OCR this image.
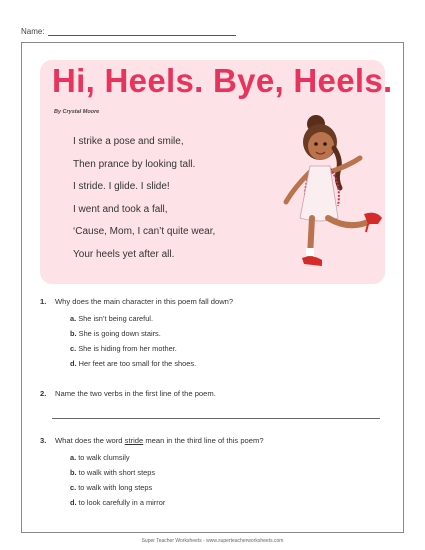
Name:
Hi, Heels. Bye, Heels.
By Crystal Moore
I strike a pose and smile,
Then prance by looking tall.
I stride. I glide. I slide!
I went and took a fall,
‘Cause, Mom, I can’t quite wear,
Your heels yet after all.
1. Why does the main character in this poem fall down?
a. She isn’t being careful.
b. She is going down stairs.
c. She is hiding from her mother.
d. Her feet are too small for the shoes.
2. Name the two verbs in the first line of the poem.
3. What does the word stride mean in the third line of this poem?
a. to walk clumsily
b. to walk with short steps
c. to walk with long steps
d. to look carefully in a mirror
Super Teacher Worksheets - www.superteacherworksheets.com
